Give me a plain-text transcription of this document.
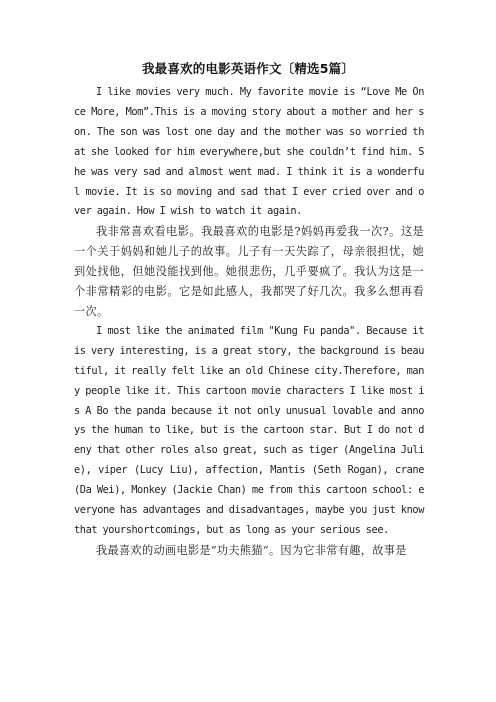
我最喜欢的电影英语作文〔精选5篇〕

I like movies very much. My favorite movie is “Love Me Once More, Mom”.This is a moving story about a mother and her son. The son was lost one day and the mother was so worried that she looked for him everywhere,but she couldn’t find him. She was very sad and almost went mad. I think it is a wonderful movie. It is so moving and sad that I ever cried over and over again. How I wish to watch it again.

我非常喜欢看电影。我最喜欢的电影是?妈妈再爱我一次?。这是一个关于妈妈和她儿子的故事。儿子有一天失踪了，母亲很担忧，她到处找他，但她没能找到他。她很悲伤，几乎要疯了。我认为这是一个非常精彩的电影。它是如此感人，我都哭了好几次。我多么想再看一次。

I most like the animated film "Kung Fu panda". Because it is very interesting, is a great story, the background is beautiful, it really felt like an old Chinese city.Therefore, many people like it. This cartoon movie characters I like most is A Bo the panda because it not only unusual lovable and annoys the human to like, but is the cartoon star. But I do not deny that other roles also great, such as tiger (Angelina Julie), viper (Lucy Liu), affection, Mantis (Seth Rogan), crane (Da Wei), Monkey (Jackie Chan) me from this cartoon school: everyone has advantages and disadvantages, maybe you just know that yourshortcomings, but as long as your serious see.

我最喜欢的动画电影是“功夫熊猫“。因为它非常有趣，故事是
